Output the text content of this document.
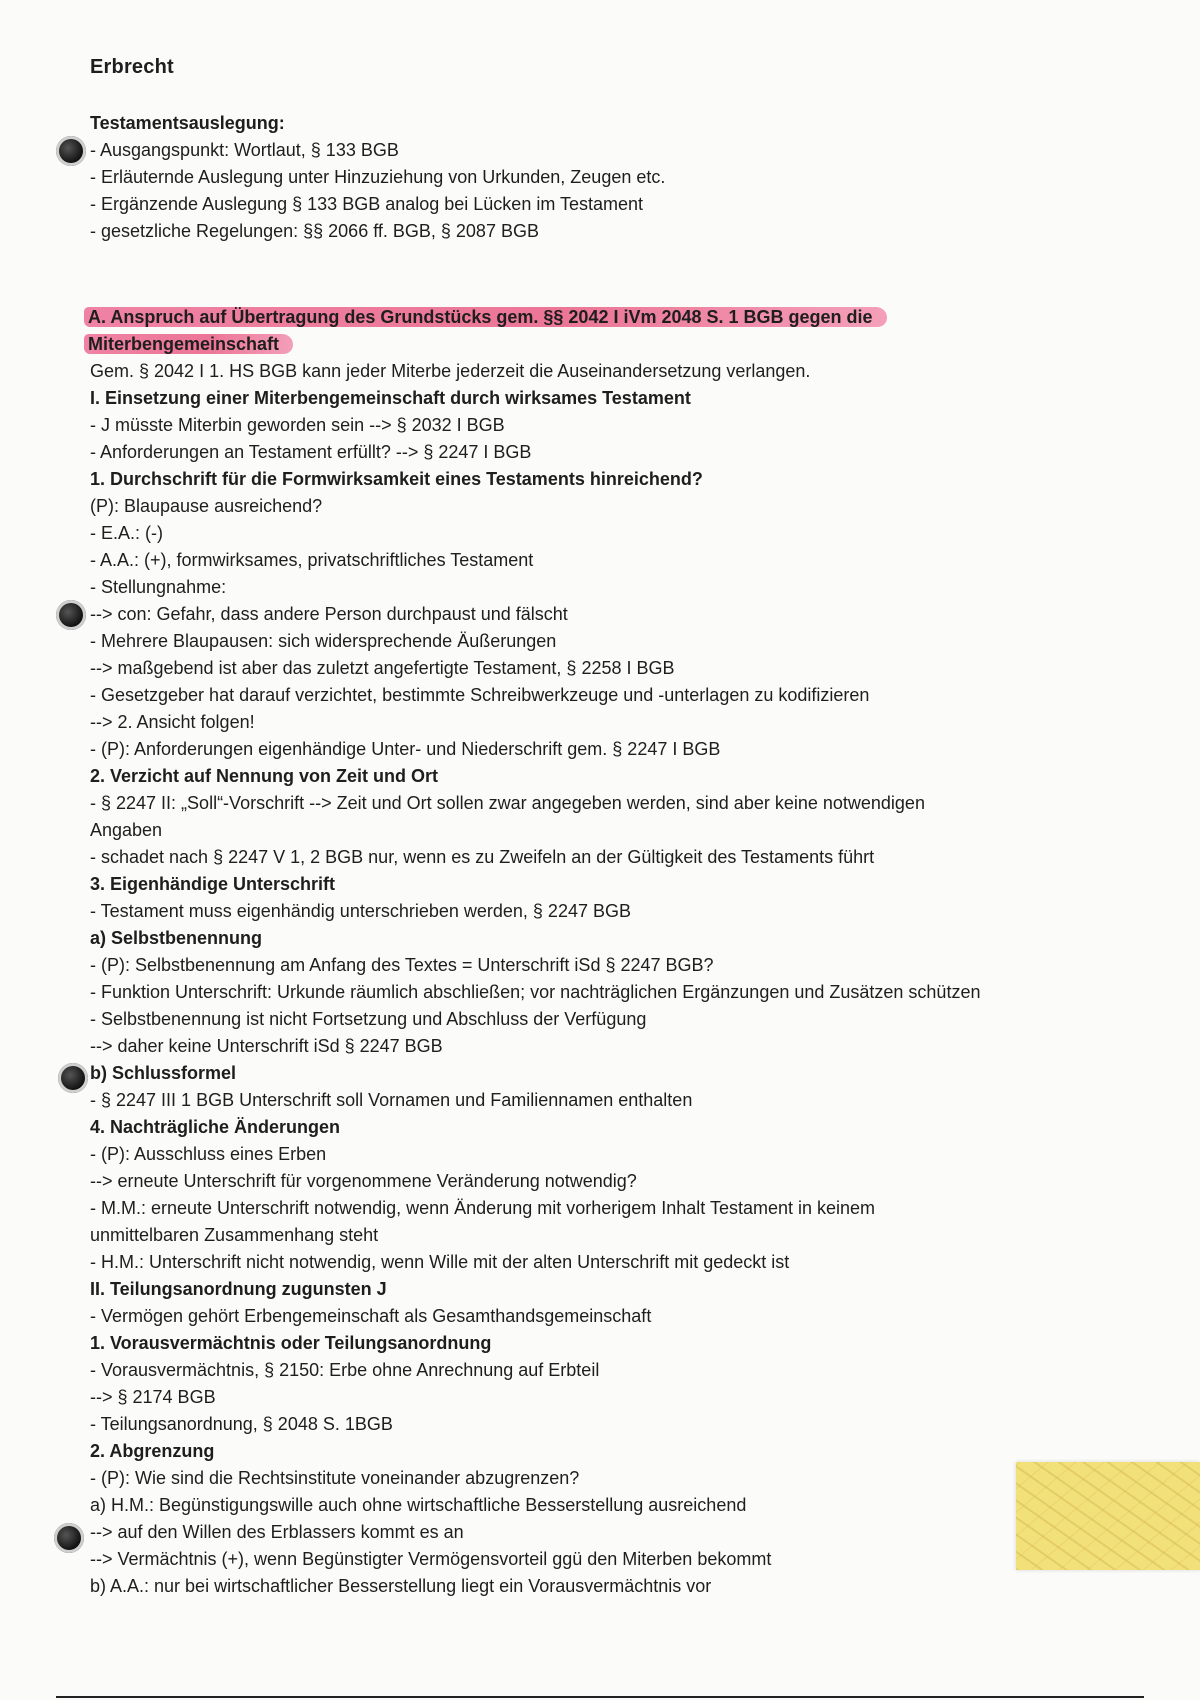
Erbrecht
Testamentsauslegung:
- Ausgangspunkt: Wortlaut, § 133 BGB
- Erläuternde Auslegung unter Hinzuziehung von Urkunden, Zeugen etc.
- Ergänzende Auslegung § 133 BGB analog bei Lücken im Testament
- gesetzliche Regelungen: §§ 2066 ff. BGB, § 2087 BGB
A. Anspruch auf Übertragung des Grundstücks gem. §§ 2042 I iVm 2048 S. 1 BGB gegen die
Miterbengemeinschaft
Gem. § 2042 I 1. HS BGB kann jeder Miterbe jederzeit die Auseinandersetzung verlangen.
I. Einsetzung einer Miterbengemeinschaft durch wirksames Testament
- J müsste Miterbin geworden sein --> § 2032 I BGB
- Anforderungen an Testament erfüllt? --> § 2247 I BGB
1. Durchschrift für die Formwirksamkeit eines Testaments hinreichend?
(P): Blaupause ausreichend?
- E.A.: (-)
- A.A.: (+), formwirksames, privatschriftliches Testament
- Stellungnahme:
--> con: Gefahr, dass andere Person durchpaust und fälscht
- Mehrere Blaupausen: sich widersprechende Äußerungen
--> maßgebend ist aber das zuletzt angefertigte Testament, § 2258 I BGB
- Gesetzgeber hat darauf verzichtet, bestimmte Schreibwerkzeuge und -unterlagen zu kodifizieren
--> 2. Ansicht folgen!
- (P): Anforderungen eigenhändige Unter- und Niederschrift gem. § 2247 I BGB
2. Verzicht auf Nennung von Zeit und Ort
- § 2247 II: „Soll“-Vorschrift --> Zeit und Ort sollen zwar angegeben werden, sind aber keine notwendigen
Angaben
- schadet nach § 2247 V 1, 2 BGB nur, wenn es zu Zweifeln an der Gültigkeit des Testaments führt
3. Eigenhändige Unterschrift
- Testament muss eigenhändig unterschrieben werden, § 2247 BGB
a) Selbstbenennung
- (P): Selbstbenennung am Anfang des Textes = Unterschrift iSd § 2247 BGB?
- Funktion Unterschrift: Urkunde räumlich abschließen; vor nachträglichen Ergänzungen und Zusätzen schützen
- Selbstbenennung ist nicht Fortsetzung und Abschluss der Verfügung
--> daher keine Unterschrift iSd § 2247 BGB
b) Schlussformel
- § 2247 III 1 BGB Unterschrift soll Vornamen und Familiennamen enthalten
4. Nachträgliche Änderungen
- (P): Ausschluss eines Erben
--> erneute Unterschrift für vorgenommene Veränderung notwendig?
- M.M.: erneute Unterschrift notwendig, wenn Änderung mit vorherigem Inhalt Testament in keinem
unmittelbaren Zusammenhang steht
- H.M.: Unterschrift nicht notwendig, wenn Wille mit der alten Unterschrift mit gedeckt ist
II. Teilungsanordnung zugunsten J
- Vermögen gehört Erbengemeinschaft als Gesamthandsgemeinschaft
1. Vorausvermächtnis oder Teilungsanordnung
- Vorausvermächtnis, § 2150: Erbe ohne Anrechnung auf Erbteil
--> § 2174 BGB
- Teilungsanordnung, § 2048 S. 1BGB
2. Abgrenzung
- (P): Wie sind die Rechtsinstitute voneinander abzugrenzen?
a) H.M.: Begünstigungswille auch ohne wirtschaftliche Besserstellung ausreichend
--> auf den Willen des Erblassers kommt es an
--> Vermächtnis (+), wenn Begünstigter Vermögensvorteil ggü den Miterben bekommt
b) A.A.: nur bei wirtschaftlicher Besserstellung liegt ein Vorausvermächtnis vor
